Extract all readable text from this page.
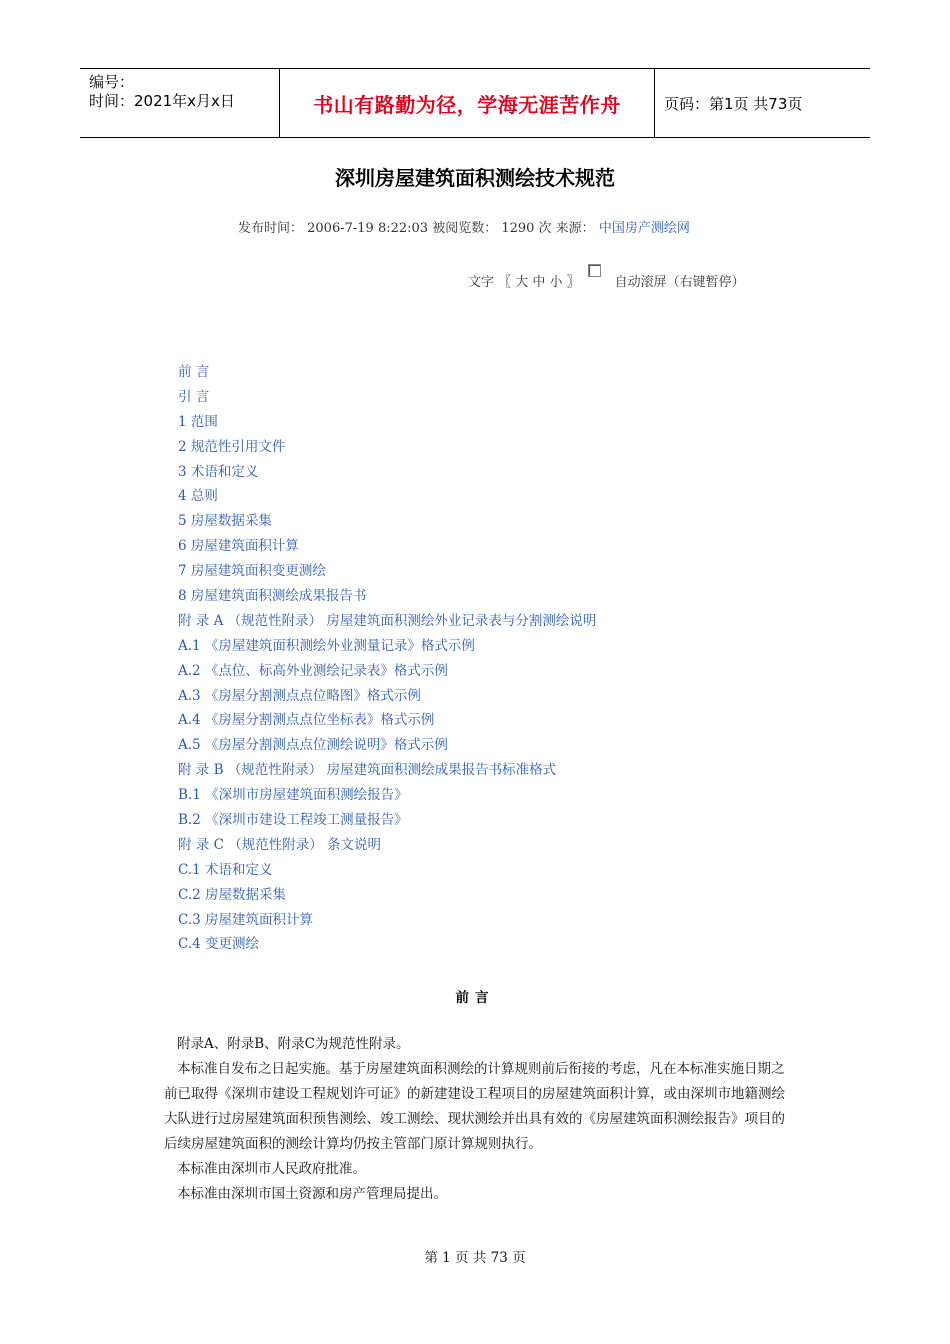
编号：
时间：2021年x月x日	书山有路勤为径，学海无涯苦作舟	页码：第1页 共73页
深圳房屋建筑面积测绘技术规范
发布时间： 2006-7-19 8:22:03 被阅览数： 1290 次 来源： 中国房产测绘网
文字 〖 大 中 小 〗	自动滚屏（右键暂停）
前 言
引 言
1 范围
2 规范性引用文件
3 术语和定义
4 总则
5 房屋数据采集
6 房屋建筑面积计算
7 房屋建筑面积变更测绘
8 房屋建筑面积测绘成果报告书
附 录 A （规范性附录） 房屋建筑面积测绘外业记录表与分割测绘说明
A.1 《房屋建筑面积测绘外业测量记录》格式示例
A.2 《点位、标高外业测绘记录表》格式示例
A.3 《房屋分割测点点位略图》格式示例
A.4 《房屋分割测点点位坐标表》格式示例
A.5 《房屋分割测点点位测绘说明》格式示例
附 录 B （规范性附录） 房屋建筑面积测绘成果报告书标准格式
B.1 《深圳市房屋建筑面积测绘报告》
B.2 《深圳市建设工程竣工测量报告》
附 录 C （规范性附录） 条文说明
C.1 术语和定义
C.2 房屋数据采集
C.3 房屋建筑面积计算
C.4 变更测绘
前言

附录A、附录B、附录C为规范性附录。

本标准自发布之日起实施。基于房屋建筑面积测绘的计算规则前后衔接的考虑，凡在本标准实施日期之前已取得《深圳市建设工程规划许可证》的新建建设工程项目的房屋建筑面积计算，或由深圳市地籍测绘大队进行过房屋建筑面积预售测绘、竣工测绘、现状测绘并出具有效的《房屋建筑面积测绘报告》项目的后续房屋建筑面积的测绘计算均仍按主管部门原计算规则执行。

本标准由深圳市人民政府批准。

本标准由深圳市国土资源和房产管理局提出。

第 1 页 共 73 页
